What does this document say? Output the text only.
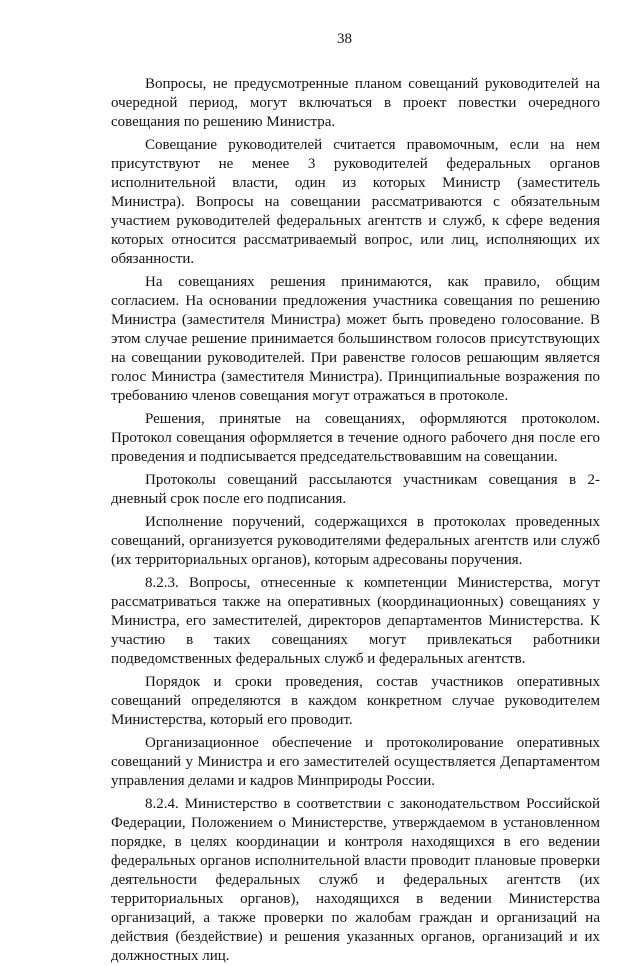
38

Вопросы, не предусмотренные планом совещаний руководителей на очередной период, могут включаться в проект повестки очередного совещания по решению Министра.

Совещание руководителей считается правомочным, если на нем присутствуют не менее 3 руководителей федеральных органов исполнительной власти, один из которых Министр (заместитель Министра). Вопросы на совещании рассматриваются с обязательным участием руководителей федеральных агентств и служб, к сфере ведения которых относится рассматриваемый вопрос, или лиц, исполняющих их обязанности.

На совещаниях решения принимаются, как правило, общим согласием. На основании предложения участника совещания по решению Министра (заместителя Министра) может быть проведено голосование. В этом случае решение принимается большинством голосов присутствующих на совещании руководителей. При равенстве голосов решающим является голос Министра (заместителя Министра). Принципиальные возражения по требованию членов совещания могут отражаться в протоколе.

Решения, принятые на совещаниях, оформляются протоколом. Протокол совещания оформляется в течение одного рабочего дня после его проведения и подписывается председательствовавшим на совещании.

Протоколы совещаний рассылаются участникам совещания в 2-дневный срок после его подписания.

Исполнение поручений, содержащихся в протоколах проведенных совещаний, организуется руководителями федеральных агентств или служб (их территориальных органов), которым адресованы поручения.

8.2.3. Вопросы, отнесенные к компетенции Министерства, могут рассматриваться также на оперативных (координационных) совещаниях у Министра, его заместителей, директоров департаментов Министерства. К участию в таких совещаниях могут привлекаться работники подведомственных федеральных служб и федеральных агентств.

Порядок и сроки проведения, состав участников оперативных совещаний определяются в каждом конкретном случае руководителем Министерства, который его проводит.

Организационное обеспечение и протоколирование оперативных совещаний у Министра и его заместителей осуществляется Департаментом управления делами и кадров Минприроды России.

8.2.4. Министерство в соответствии с законодательством Российской Федерации, Положением о Министерстве, утверждаемом в установленном порядке, в целях координации и контроля находящихся в его ведении федеральных органов исполнительной власти проводит плановые проверки деятельности федеральных служб и федеральных агентств (их территориальных органов), находящихся в ведении Министерства организаций, а также проверки по жалобам граждан и организаций на действия (бездействие) и решения указанных органов, организаций и их должностных лиц.
